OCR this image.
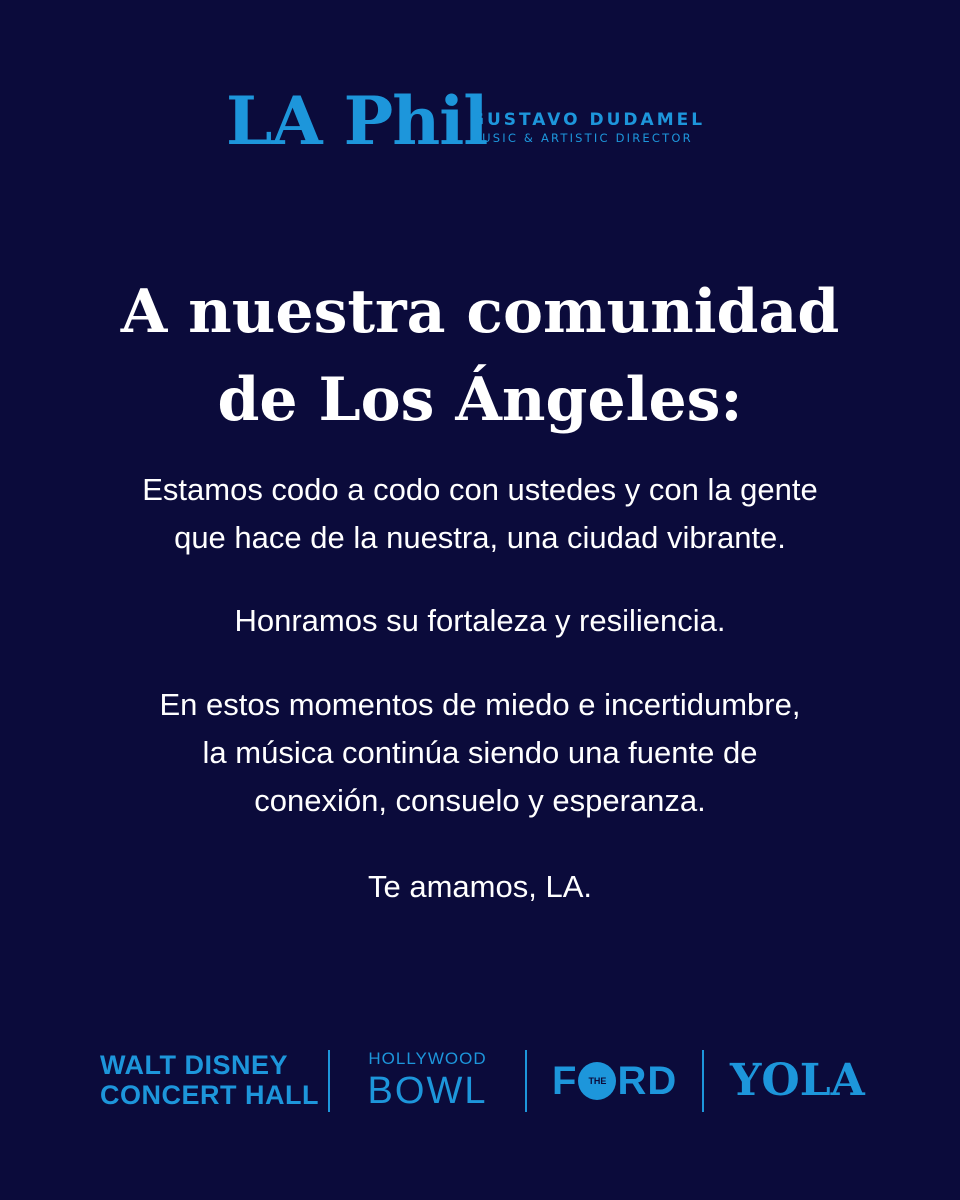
LA Phil
GUSTAVO DUDAMEL
MUSIC & ARTISTIC DIRECTOR
A nuestra comunidad
de Los Ángeles:
Estamos codo a codo con ustedes y con la gente
que hace de la nuestra, una ciudad vibrante.
Honramos su fortaleza y resiliencia.
En estos momentos de miedo e incertidumbre,
la música continúa siendo una fuente de
conexión, consuelo y esperanza.
Te amamos, LA.
WALT DISNEY
CONCERT HALL
HOLLYWOOD
BOWL	F	THE RD YOLA
